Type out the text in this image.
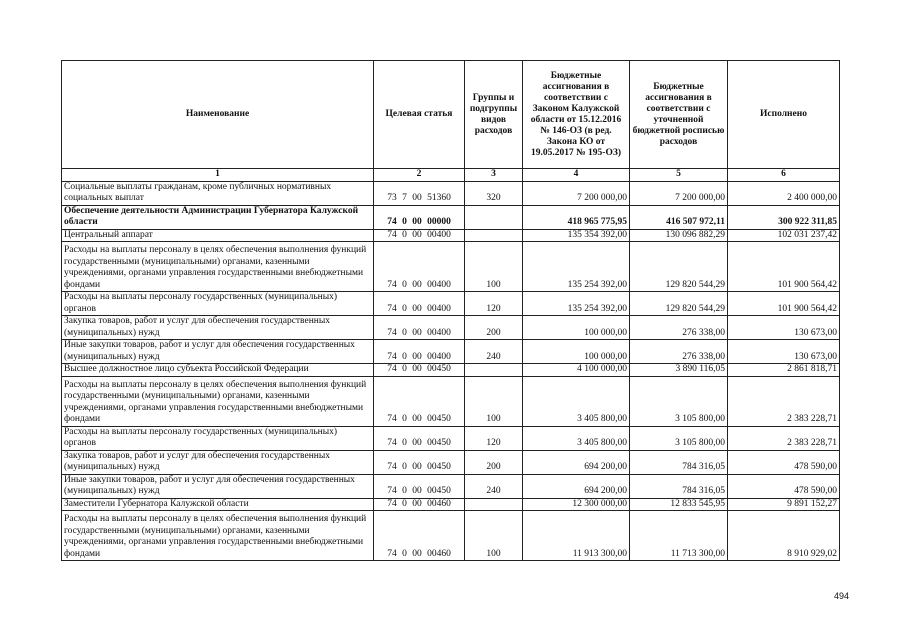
Наименование	Целевая статья	Группы и подгруппы видов расходов	Бюджетные ассигнования в соответствии с Законом Калужской области от 15.12.2016 № 146-ОЗ (в ред. Закона КО от 19.05.2017 № 195-ОЗ)	Бюджетные ассигнования в соответствии с уточненной бюджетной росписью расходов	Исполнено
1	2	3	4	5	6
Социальные выплаты гражданам, кроме публичных нормативных социальных выплат	73 7 00 51360	320	7 200 000,00	7 200 000,00	2 400 000,00
Обеспечение деятельности Администрации Губернатора Калужской области	74 0 00 00000		418 965 775,95	416 507 972,11	300 922 311,85
Центральный аппарат	74 0 00 00400		135 354 392,00	130 096 882,29	102 031 237,42
Расходы на выплаты персоналу в целях обеспечения выполнения функций государственными (муниципальными) органами, казенными учреждениями, органами управления государственными внебюджетными фондами	74 0 00 00400	100	135 254 392,00	129 820 544,29	101 900 564,42
Расходы на выплаты персоналу государственных (муниципальных) органов	74 0 00 00400	120	135 254 392,00	129 820 544,29	101 900 564,42
Закупка товаров, работ и услуг для обеспечения государственных (муниципальных) нужд	74 0 00 00400	200	100 000,00	276 338,00	130 673,00
Иные закупки товаров, работ и услуг для обеспечения государственных (муниципальных) нужд	74 0 00 00400	240	100 000,00	276 338,00	130 673,00
Высшее должностное лицо субъекта Российской Федерации	74 0 00 00450		4 100 000,00	3 890 116,05	2 861 818,71
Расходы на выплаты персоналу в целях обеспечения выполнения функций государственными (муниципальными) органами, казенными учреждениями, органами управления государственными внебюджетными фондами	74 0 00 00450	100	3 405 800,00	3 105 800,00	2 383 228,71
Расходы на выплаты персоналу государственных (муниципальных) органов	74 0 00 00450	120	3 405 800,00	3 105 800,00	2 383 228,71
Закупка товаров, работ и услуг для обеспечения государственных (муниципальных) нужд	74 0 00 00450	200	694 200,00	784 316,05	478 590,00
Иные закупки товаров, работ и услуг для обеспечения государственных (муниципальных) нужд	74 0 00 00450	240	694 200,00	784 316,05	478 590,00
Заместители Губернатора Калужской области	74 0 00 00460		12 300 000,00	12 833 545,95	9 891 152,27
Расходы на выплаты персоналу в целях обеспечения выполнения функций государственными (муниципальными) органами, казенными учреждениями, органами управления государственными внебюджетными фондами	74 0 00 00460	100	11 913 300,00	11 713 300,00	8 910 929,02
494
